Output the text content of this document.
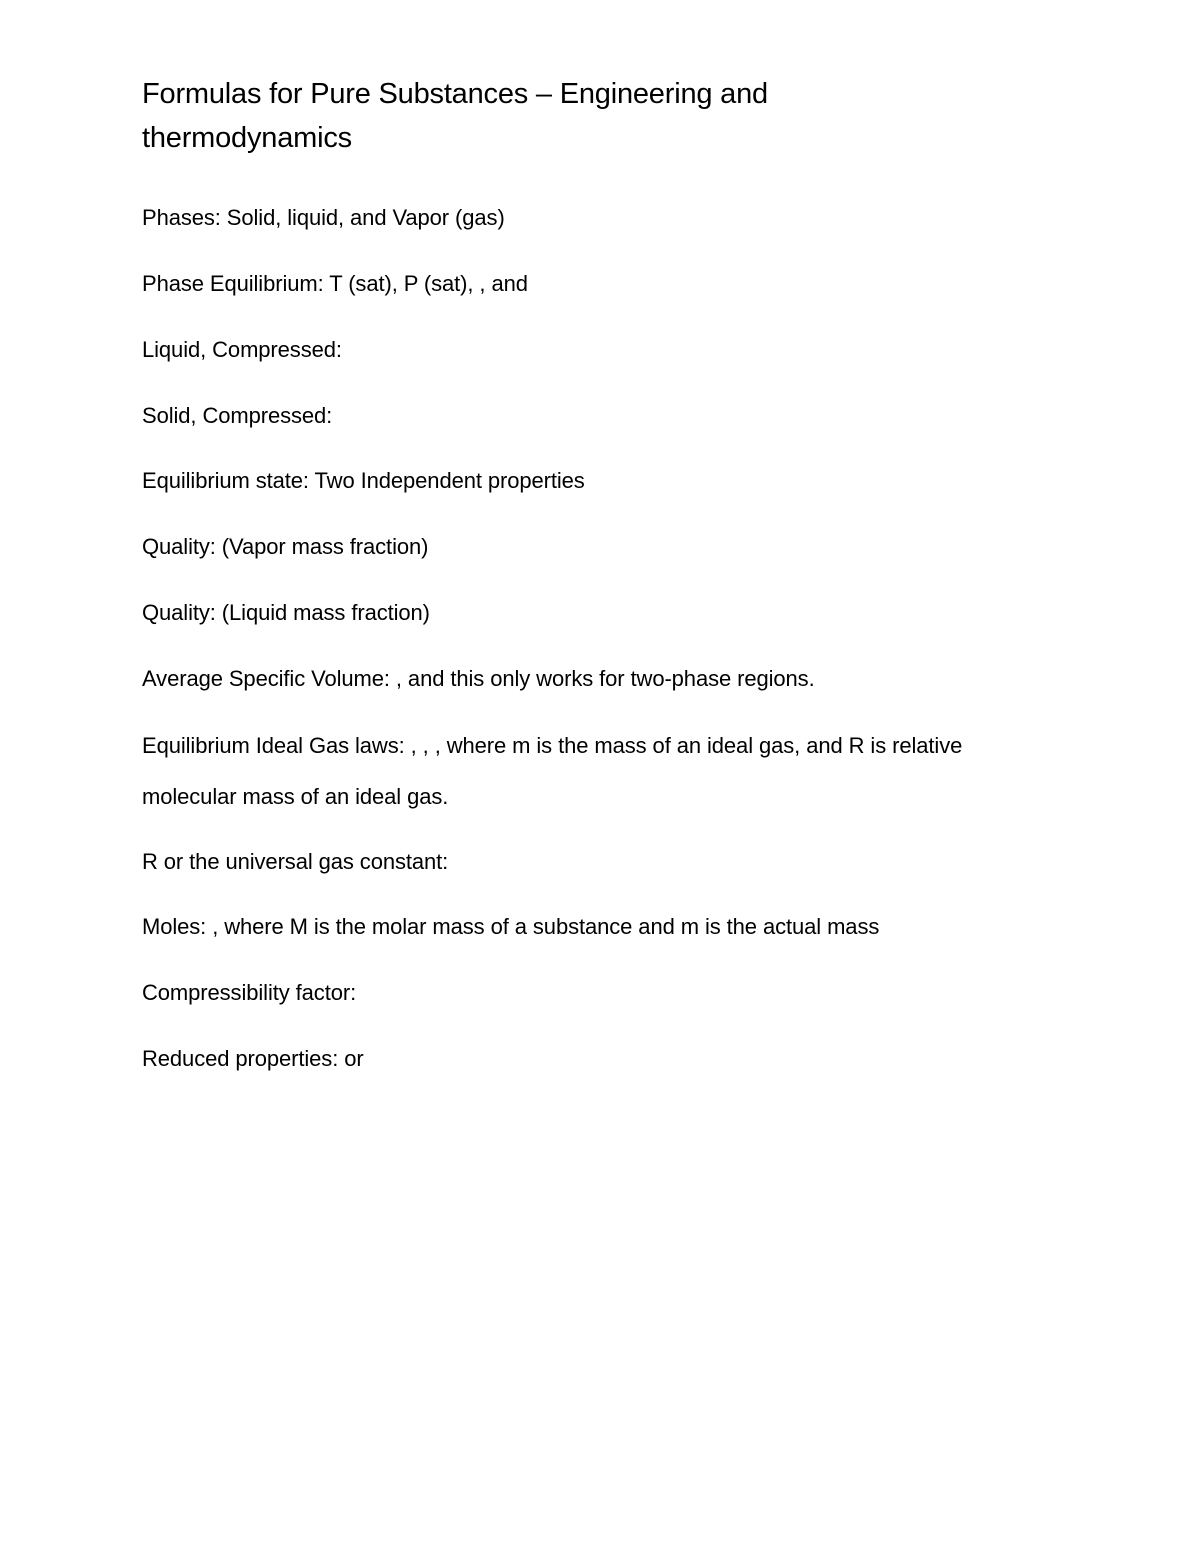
Formulas for Pure Substances – Engineering and thermodynamics

Phases: Solid, liquid, and Vapor (gas)

Phase Equilibrium: T (sat), P (sat), , and

Liquid, Compressed:

Solid, Compressed:

Equilibrium state: Two Independent properties

Quality: (Vapor mass fraction)

Quality: (Liquid mass fraction)

Average Specific Volume: , and this only works for two-phase regions.

Equilibrium Ideal Gas laws: , , , where m is the mass of an ideal gas, and R is relative molecular mass of an ideal gas.

R or the universal gas constant:

Moles: , where M is the molar mass of a substance and m is the actual mass

Compressibility factor:

Reduced properties: or
